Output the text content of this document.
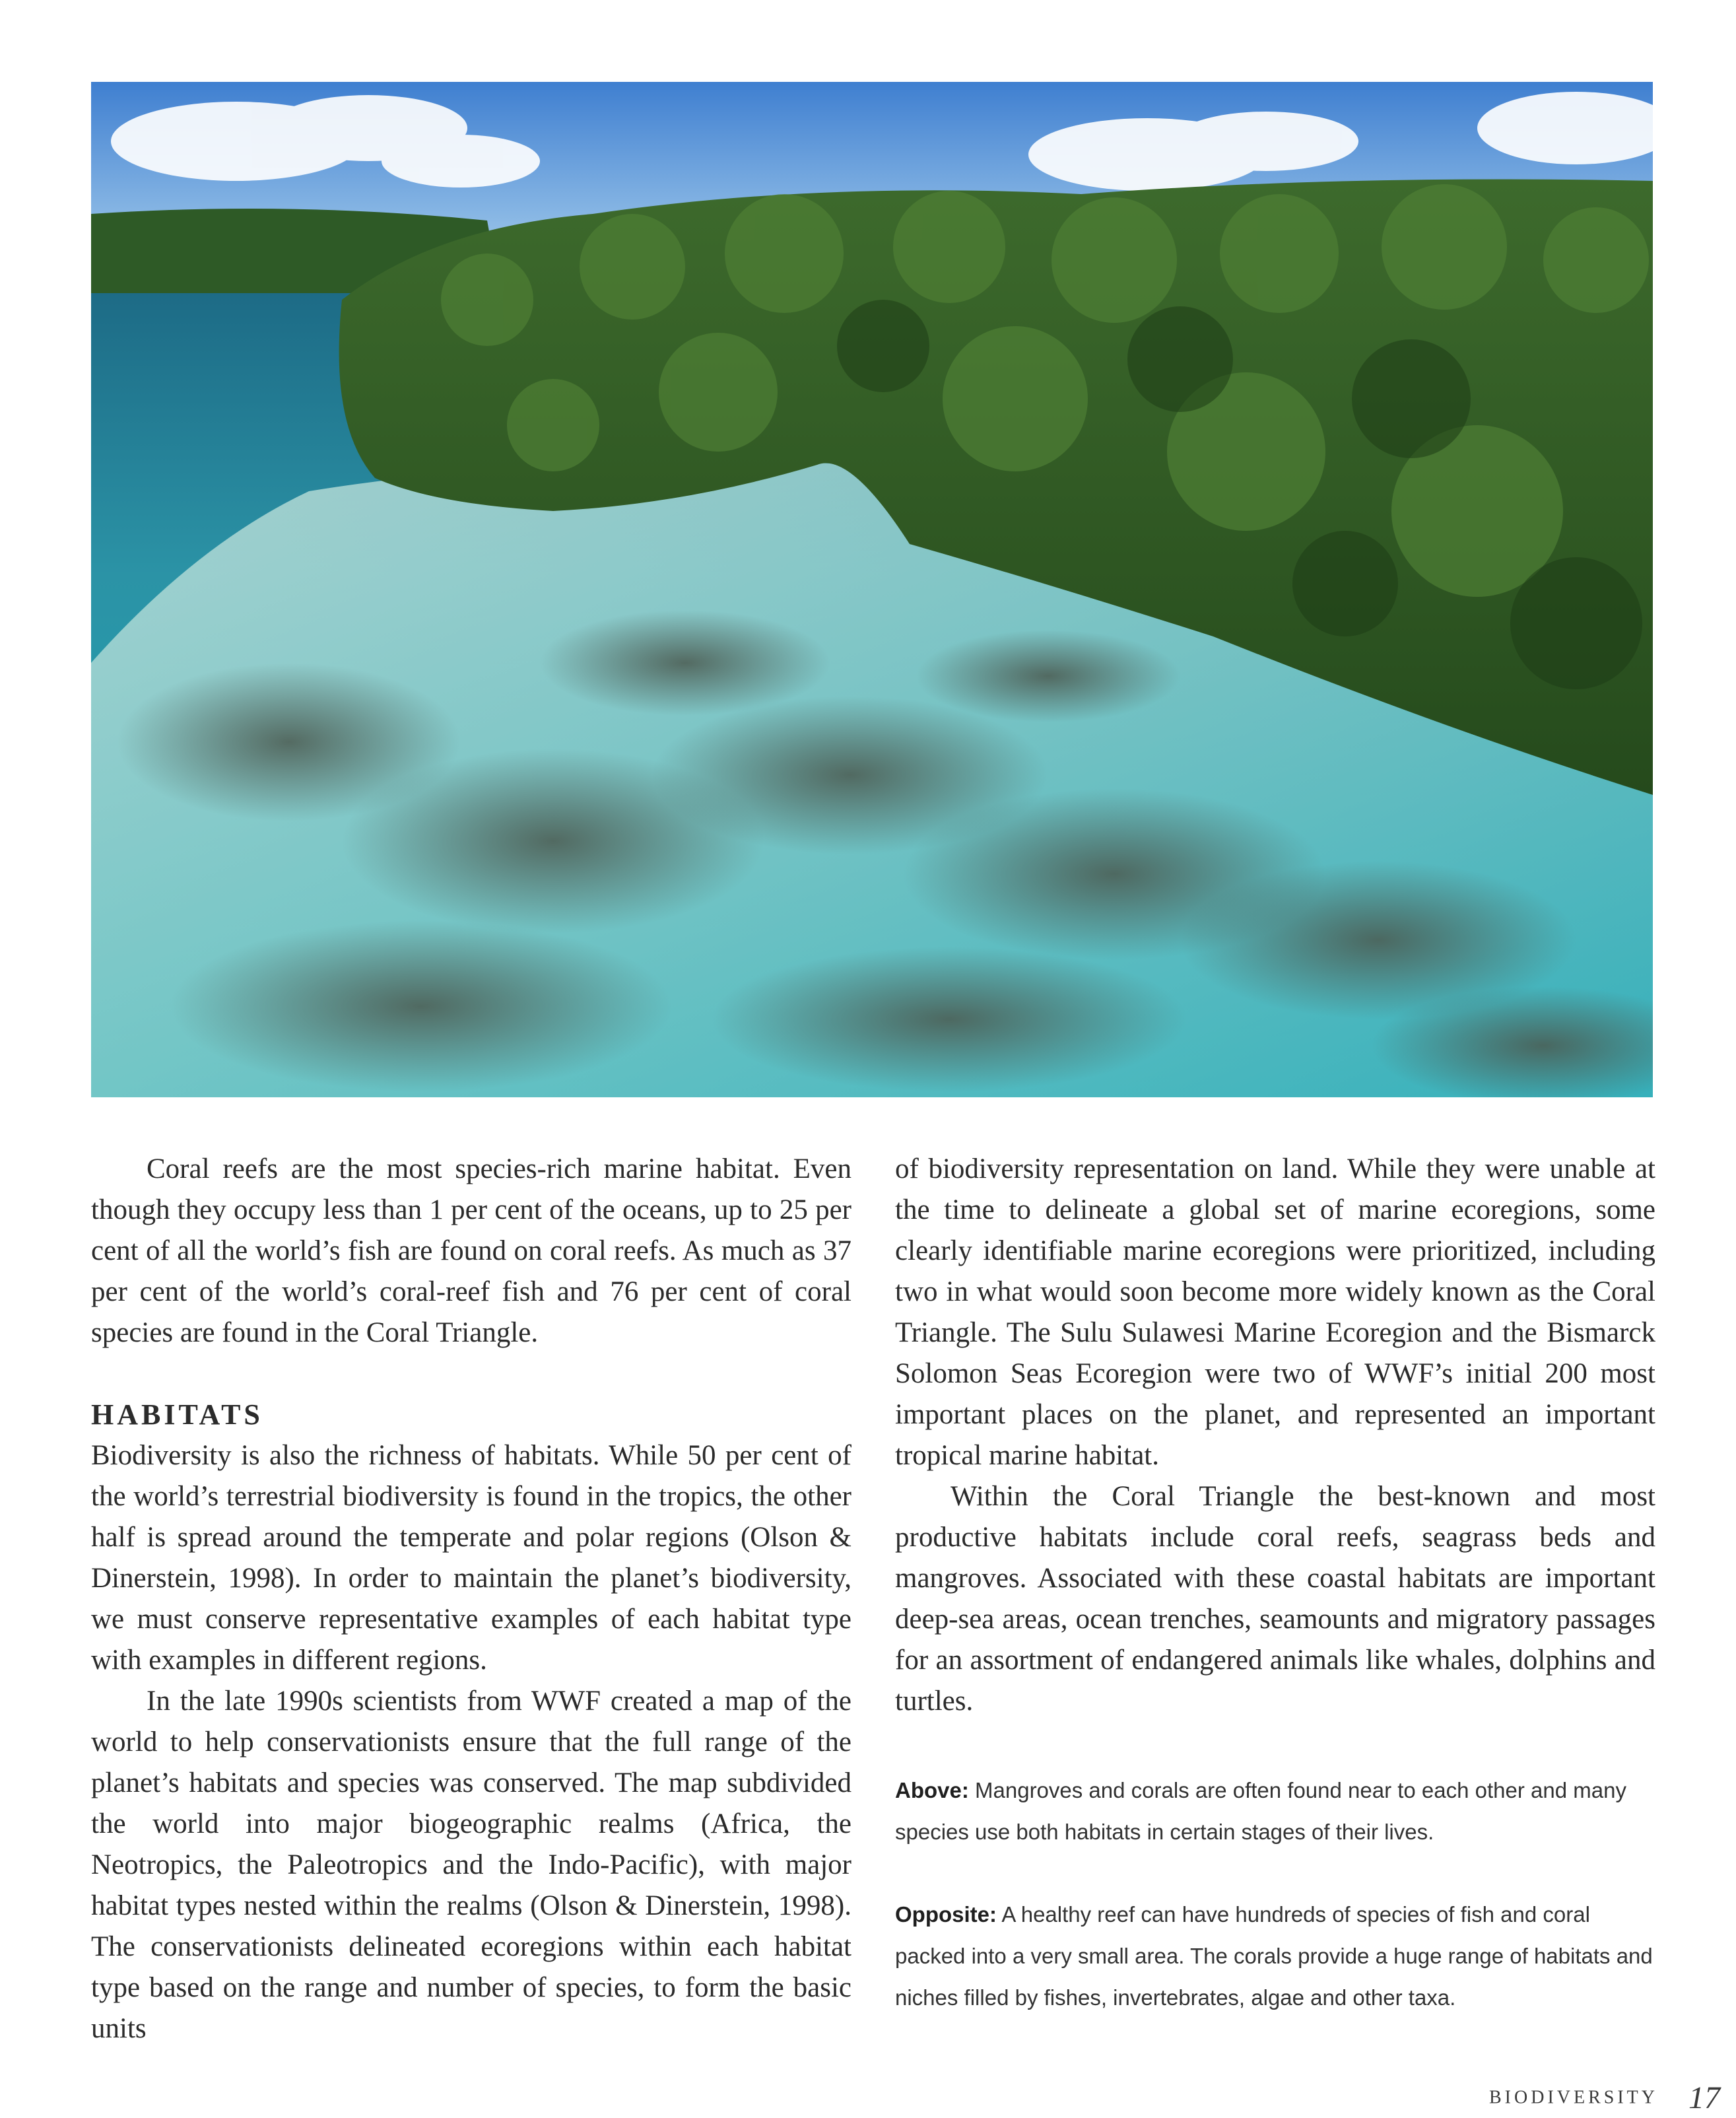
Coral reefs are the most species-rich marine habitat. Even though they occupy less than 1 per cent of the oceans, up to 25 per cent of all the world’s fish are found on coral reefs. As much as 37 per cent of the world’s coral-reef fish and 76 per cent of coral species are found in the Coral Triangle.

HABITATS

Biodiversity is also the richness of habitats. While 50 per cent of the world’s terrestrial biodiversity is found in the tropics, the other half is spread around the temperate and polar regions (Olson & Dinerstein, 1998). In order to maintain the planet’s biodiversity, we must conserve representative examples of each habitat type with examples in different regions.

In the late 1990s scientists from WWF created a map of the world to help conservationists ensure that the full range of the planet’s habitats and species was conserved. The map subdivided the world into major biogeographic realms (Africa, the Neotropics, the Paleotropics and the Indo-Pacific), with major habitat types nested within the realms (Olson & Dinerstein, 1998). The conservationists delineated ecoregions within each habitat type based on the range and number of species, to form the basic units

of biodiversity representation on land. While they were unable at the time to delineate a global set of marine ecoregions, some clearly identifiable marine ecoregions were prioritized, including two in what would soon become more widely known as the Coral Triangle. The Sulu Sulawesi Marine Ecoregion and the Bismarck Solomon Seas Ecoregion were two of WWF’s initial 200 most important places on the planet, and represented an important tropical marine habitat.

Within the Coral Triangle the best-known and most productive habitats include coral reefs, seagrass beds and mangroves. Associated with these coastal habitats are important deep-sea areas, ocean trenches, seamounts and migratory passages for an assortment of endangered animals like whales, dolphins and turtles.

Above: Mangroves and corals are often found near to each other and many species use both habitats in certain stages of their lives.

Opposite: A healthy reef can have hundreds of species of fish and coral packed into a very small area. The corals provide a huge range of habitats and niches filled by fishes, invertebrates, algae and other taxa.

BIODIVERSITY 17
